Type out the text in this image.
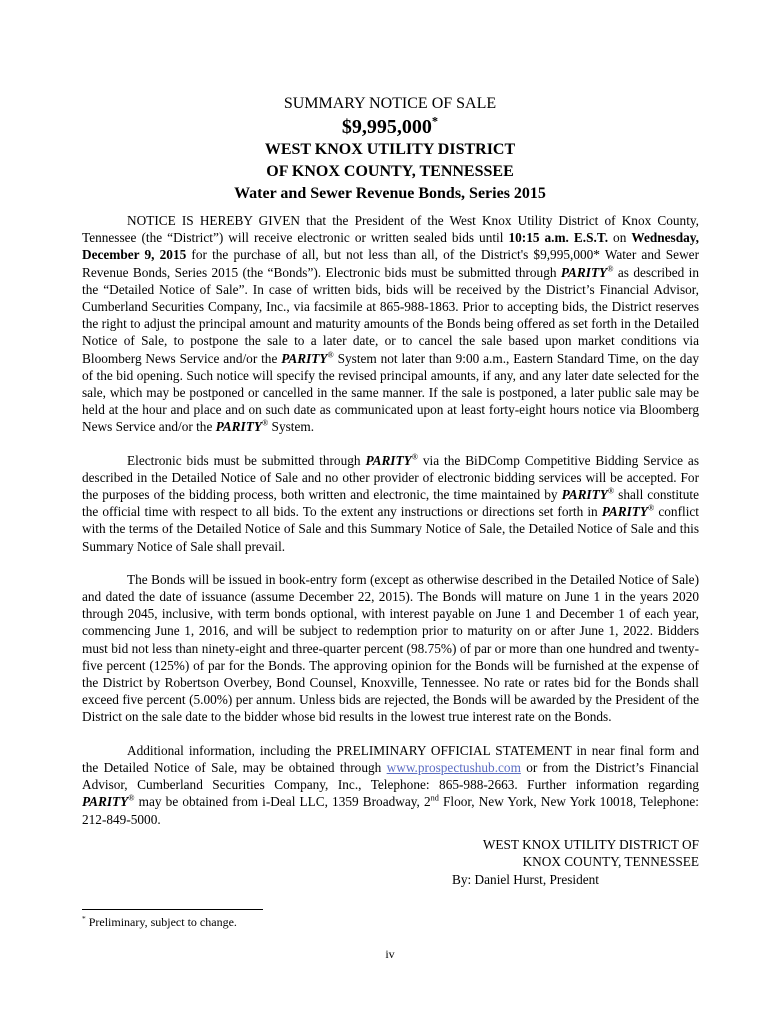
SUMMARY NOTICE OF SALE
$9,995,000*
WEST KNOX UTILITY DISTRICT
OF KNOX COUNTY, TENNESSEE
Water and Sewer Revenue Bonds, Series 2015

NOTICE IS HEREBY GIVEN that the President of the West Knox Utility District of Knox County, Tennessee (the “District”) will receive electronic or written sealed bids until 10:15 a.m. E.S.T. on Wednesday, December 9, 2015 for the purchase of all, but not less than all, of the District's $9,995,000* Water and Sewer Revenue Bonds, Series 2015 (the “Bonds”). Electronic bids must be submitted through PARITY® as described in the “Detailed Notice of Sale”. In case of written bids, bids will be received by the District’s Financial Advisor, Cumberland Securities Company, Inc., via facsimile at 865-988-1863. Prior to accepting bids, the District reserves the right to adjust the principal amount and maturity amounts of the Bonds being offered as set forth in the Detailed Notice of Sale, to postpone the sale to a later date, or to cancel the sale based upon market conditions via Bloomberg News Service and/or the PARITY® System not later than 9:00 a.m., Eastern Standard Time, on the day of the bid opening. Such notice will specify the revised principal amounts, if any, and any later date selected for the sale, which may be postponed or cancelled in the same manner. If the sale is postponed, a later public sale may be held at the hour and place and on such date as communicated upon at least forty-eight hours notice via Bloomberg News Service and/or the PARITY® System.

Electronic bids must be submitted through PARITY® via the BiDComp Competitive Bidding Service as described in the Detailed Notice of Sale and no other provider of electronic bidding services will be accepted. For the purposes of the bidding process, both written and electronic, the time maintained by PARITY® shall constitute the official time with respect to all bids. To the extent any instructions or directions set forth in PARITY® conflict with the terms of the Detailed Notice of Sale and this Summary Notice of Sale, the Detailed Notice of Sale and this Summary Notice of Sale shall prevail.

The Bonds will be issued in book-entry form (except as otherwise described in the Detailed Notice of Sale) and dated the date of issuance (assume December 22, 2015). The Bonds will mature on June 1 in the years 2020 through 2045, inclusive, with term bonds optional, with interest payable on June 1 and December 1 of each year, commencing June 1, 2016, and will be subject to redemption prior to maturity on or after June 1, 2022. Bidders must bid not less than ninety-eight and three-quarter percent (98.75%) of par or more than one hundred and twenty-five percent (125%) of par for the Bonds. The approving opinion for the Bonds will be furnished at the expense of the District by Robertson Overbey, Bond Counsel, Knoxville, Tennessee. No rate or rates bid for the Bonds shall exceed five percent (5.00%) per annum. Unless bids are rejected, the Bonds will be awarded by the President of the District on the sale date to the bidder whose bid results in the lowest true interest rate on the Bonds.

Additional information, including the PRELIMINARY OFFICIAL STATEMENT in near final form and the Detailed Notice of Sale, may be obtained through www.prospectushub.com or from the District’s Financial Advisor, Cumberland Securities Company, Inc., Telephone: 865-988-2663. Further information regarding PARITY® may be obtained from i-Deal LLC, 1359 Broadway, 2nd Floor, New York, New York 10018, Telephone: 212-849-5000.

WEST KNOX UTILITY DISTRICT OF
KNOX COUNTY, TENNESSEE
By: Daniel Hurst, President
* Preliminary, subject to change.
iv
